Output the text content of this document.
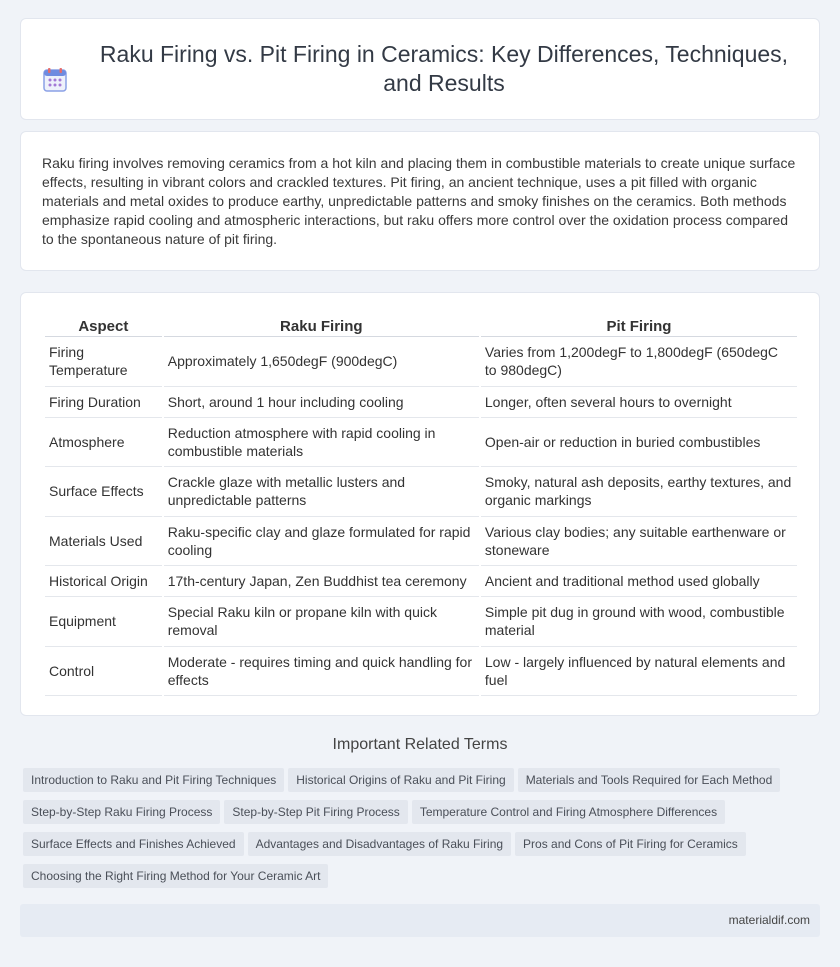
Raku Firing vs. Pit Firing in Ceramics: Key Differences, Techniques, and Results

Raku firing involves removing ceramics from a hot kiln and placing them in combustible materials to create unique surface effects, resulting in vibrant colors and crackled textures. Pit firing, an ancient technique, uses a pit filled with organic materials and metal oxides to produce earthy, unpredictable patterns and smoky finishes on the ceramics. Both methods emphasize rapid cooling and atmospheric interactions, but raku offers more control over the oxidation process compared to the spontaneous nature of pit firing.

Aspect	Raku Firing	Pit Firing
Firing Temperature	Approximately 1,650degF (900degC)	Varies from 1,200degF to 1,800degF (650degC to 980degC)
Firing Duration	Short, around 1 hour including cooling	Longer, often several hours to overnight
Atmosphere	Reduction atmosphere with rapid cooling in combustible materials	Open-air or reduction in buried combustibles
Surface Effects	Crackle glaze with metallic lusters and unpredictable patterns	Smoky, natural ash deposits, earthy textures, and organic markings
Materials Used	Raku-specific clay and glaze formulated for rapid cooling	Various clay bodies; any suitable earthenware or stoneware
Historical Origin	17th-century Japan, Zen Buddhist tea ceremony	Ancient and traditional method used globally
Equipment	Special Raku kiln or propane kiln with quick removal	Simple pit dug in ground with wood, combustible material
Control	Moderate - requires timing and quick handling for effects	Low - largely influenced by natural elements and fuel
Important Related Terms
Introduction to Raku and Pit Firing Techniques Historical Origins of Raku and Pit Firing Materials and Tools Required for Each MethodStep-by-Step Raku Firing Process Step-by-Step Pit Firing Process Temperature Control and Firing Atmosphere DifferencesSurface Effects and Finishes Achieved Advantages and Disadvantages of Raku Firing Pros and Cons of Pit Firing for CeramicsChoosing the Right Firing Method for Your Ceramic Art
materialdif.com
